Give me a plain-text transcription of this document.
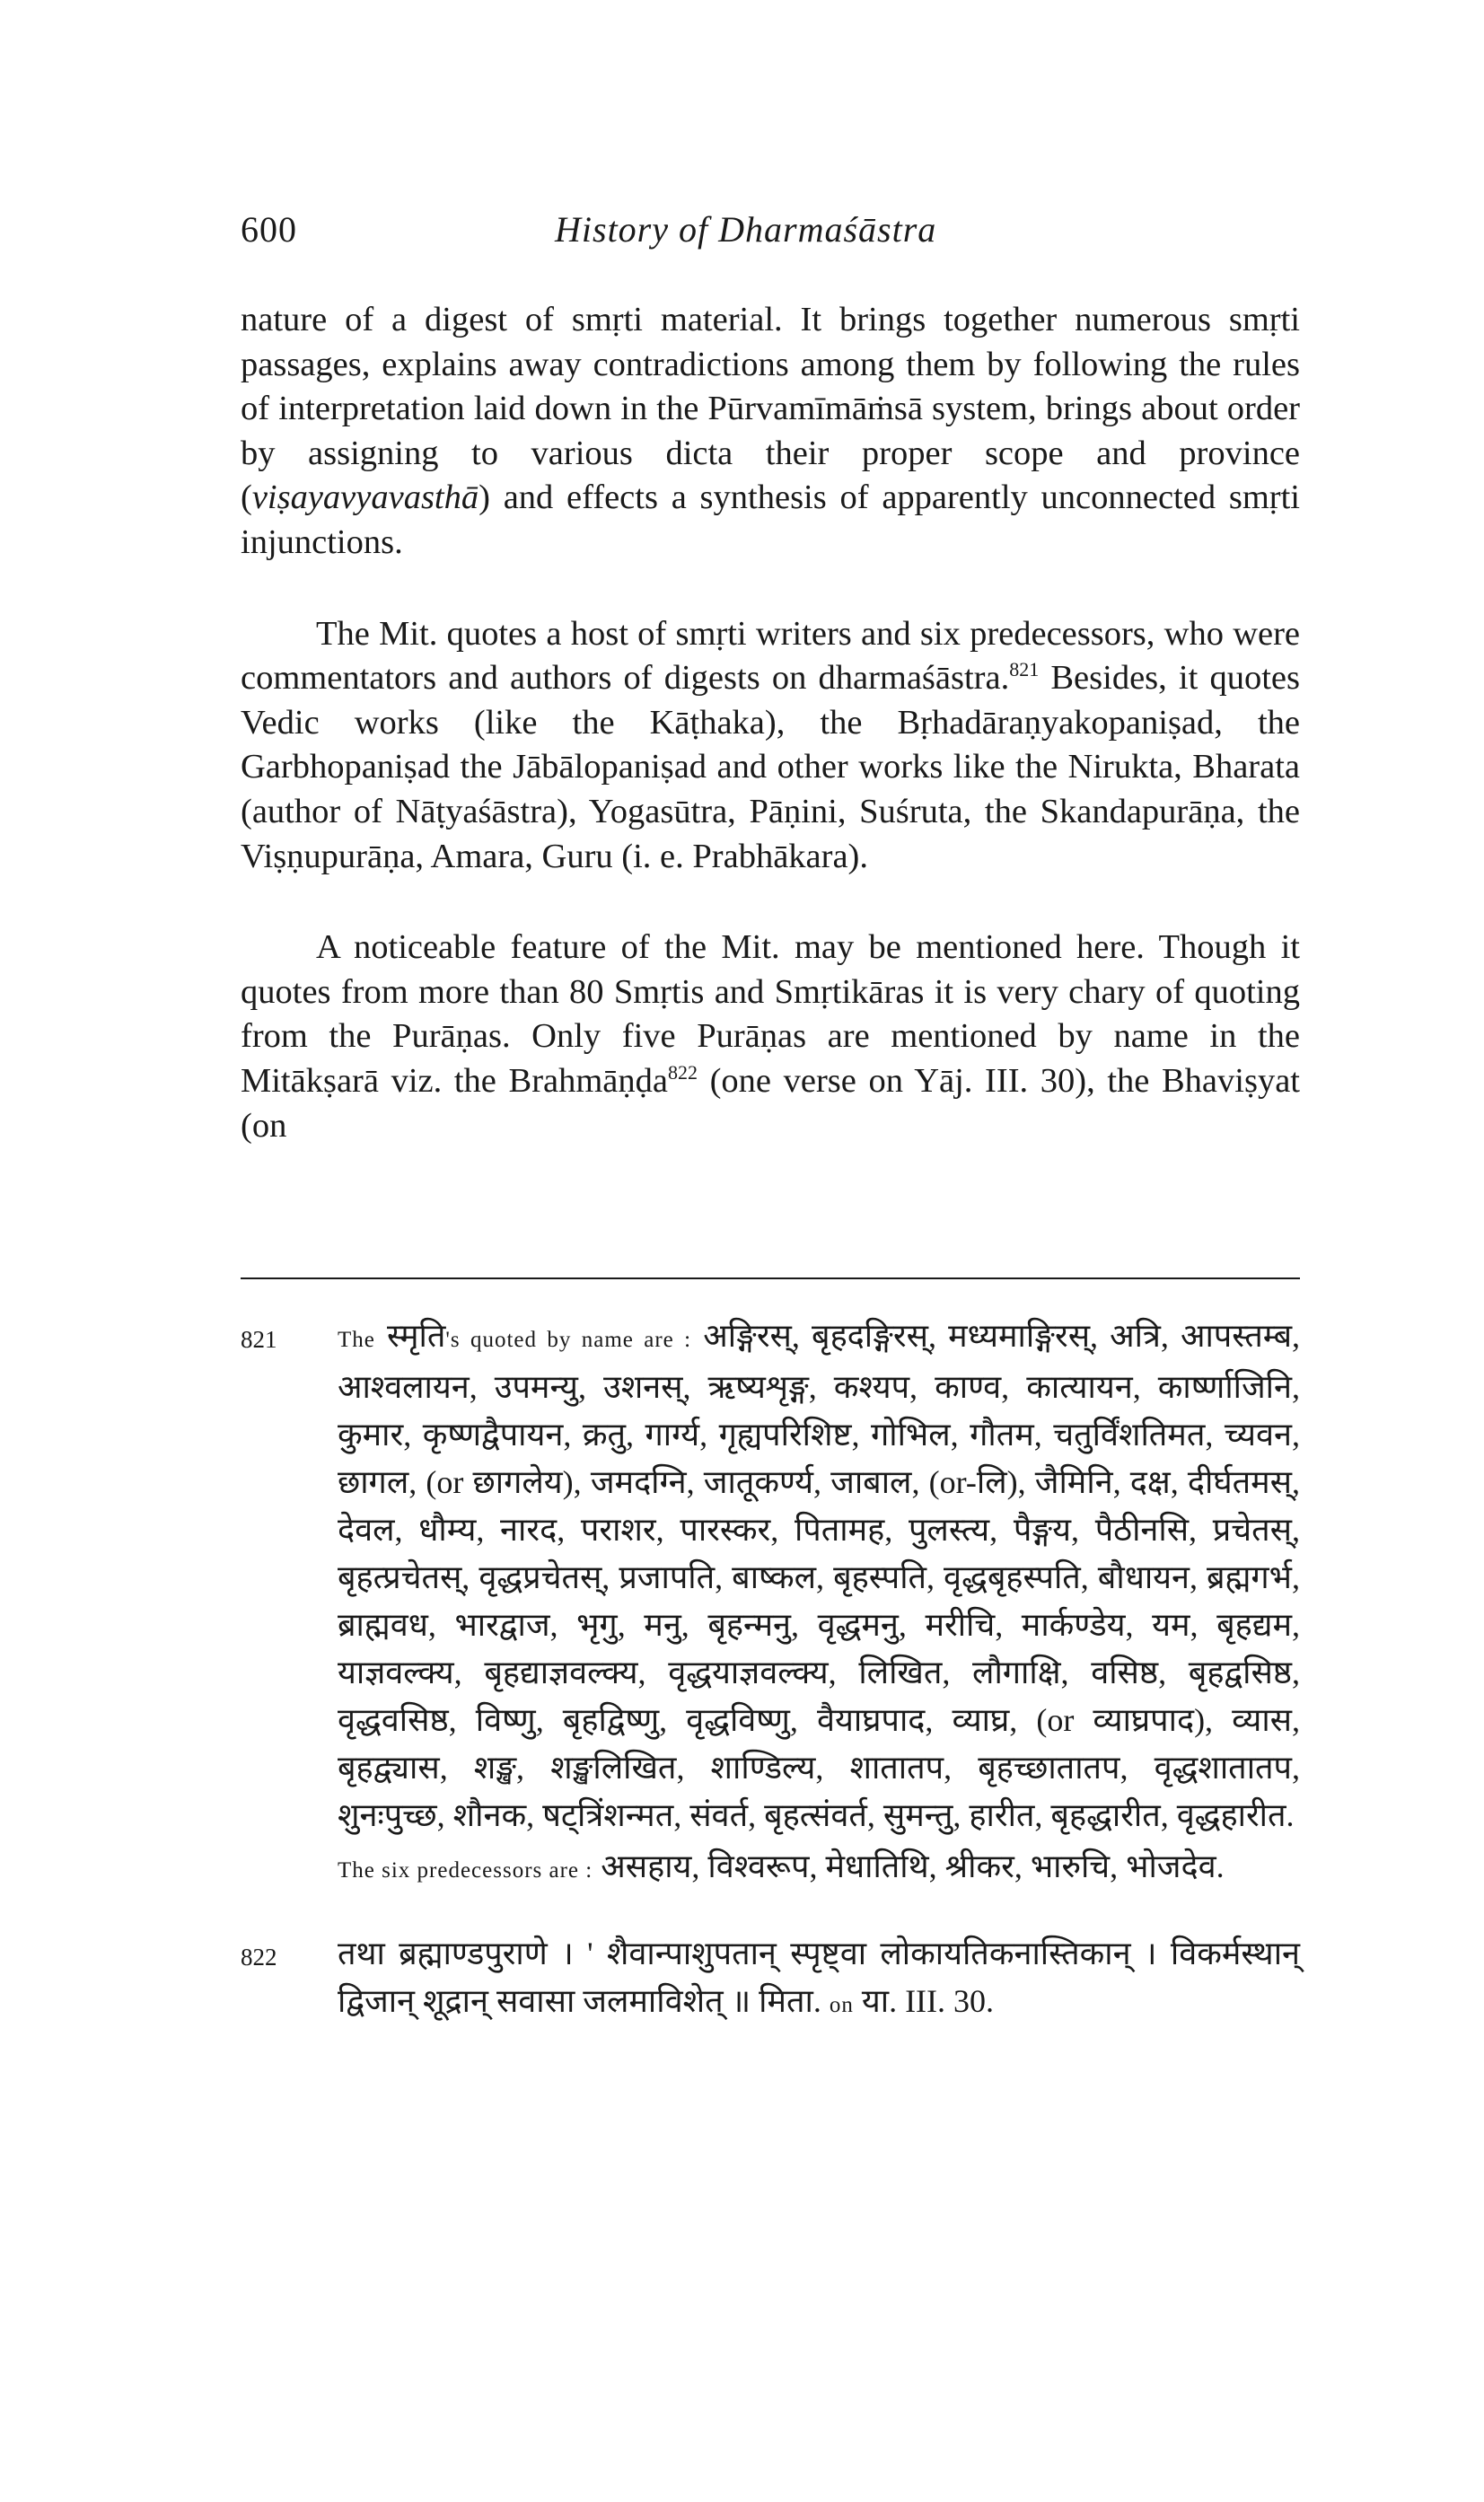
600	History of Dharmaśāstra

nature of a digest of smṛti material. It brings together numerous smṛti passages, explains away contradictions among them by following the rules of interpretation laid down in the Pūrvamīmāṁsā system, brings about order by assigning to various dicta their proper scope and province (viṣayavyavasthā) and effects a synthesis of apparently unconnected smṛti injunctions.

The Mit. quotes a host of smṛti writers and six predecessors, who were commentators and authors of digests on dharmaśāstra.$^{821}$ Besides, it quotes Vedic works (like the Kāṭhaka), the Bṛhadāraṇyakopaniṣad, the Garbhopaniṣad the Jābālopaniṣad and other works like the Nirukta, Bharata (author of Nāṭyaśāstra), Yogasūtra, Pāṇini, Suśruta, the Skandapurāṇa, the Viṣṇupurāṇa, Amara, Guru (i. e. Prabhākara).

A noticeable feature of the Mit. may be mentioned here. Though it quotes from more than 80 Smṛtis and Smṛtikāras it is very chary of quoting from the Purāṇas. Only five Purāṇas are mentioned by name in the Mitākṣarā viz. the Brahmāṇḍa$^{822}$ (one verse on Yāj. III. 30), the Bhaviṣyat (on

821	The स्मृति's quoted by name are : अङ्गिरस्, बृहदङ्गिरस्, मध्यमाङ्गिरस्, अत्रि, आपस्तम्ब, आश्वलायन, उपमन्यु, उशनस्, ऋष्यशृङ्ग, कश्यप, काण्व, कात्यायन, कार्ष्णाजिनि, कुमार, कृष्णद्वैपायन, क्रतु, गार्ग्य, गृह्यपरिशिष्ट, गोभिल, गौतम, चतुर्विंशतिमत, च्यवन, छागल, (or छागलेय), जमदग्नि, जातूकर्ण्य, जाबाल, (or-लि), जैमिनि, दक्ष, दीर्घतमस्, देवल, धौम्य, नारद, पराशर, पारस्कर, पितामह, पुलस्त्य, पैङ्गय, पैठीनसि, प्रचेतस्, बृहत्प्रचेतस्, वृद्धप्रचेतस्, प्रजापति, बाष्कल, बृहस्पति, वृद्धबृहस्पति, बौधायन, ब्रह्मगर्भ, ब्राह्मवध, भारद्वाज, भृगु, मनु, बृहन्मनु, वृद्धमनु, मरीचि, मार्कण्डेय, यम, बृहद्यम, याज्ञवल्क्य, बृहद्याज्ञवल्क्य, वृद्धयाज्ञवल्क्य, लिखित, लौगाक्षि, वसिष्ठ, बृहद्वसिष्ठ, वृद्धवसिष्ठ, विष्णु, बृहद्विष्णु, वृद्धविष्णु, वैयाघ्रपाद, व्याघ्र, (or व्याघ्रपाद), व्यास, बृहद्व्यास, शङ्ख, शङ्खलिखित, शाण्डिल्य, शातातप, बृहच्छातातप, वृद्धशातातप, शुनःपुच्छ, शौनक, षट्त्रिंशन्मत, संवर्त, बृहत्संवर्त, सुमन्तु, हारीत, बृहद्धारीत, वृद्धहारीत.
The six predecessors are : असहाय, विश्वरूप, मेधातिथि, श्रीकर, भारुचि, भोजदेव.
822 तथा ब्रह्माण्डपुराणे । ' शैवान्पाशुपतान् स्पृष्ट्वा लोकायतिकनास्तिकान् । विकर्मस्थान् द्विजान् शूद्रान् सवासा जलमाविशेत् ॥ मिता. on या. III. 30.
